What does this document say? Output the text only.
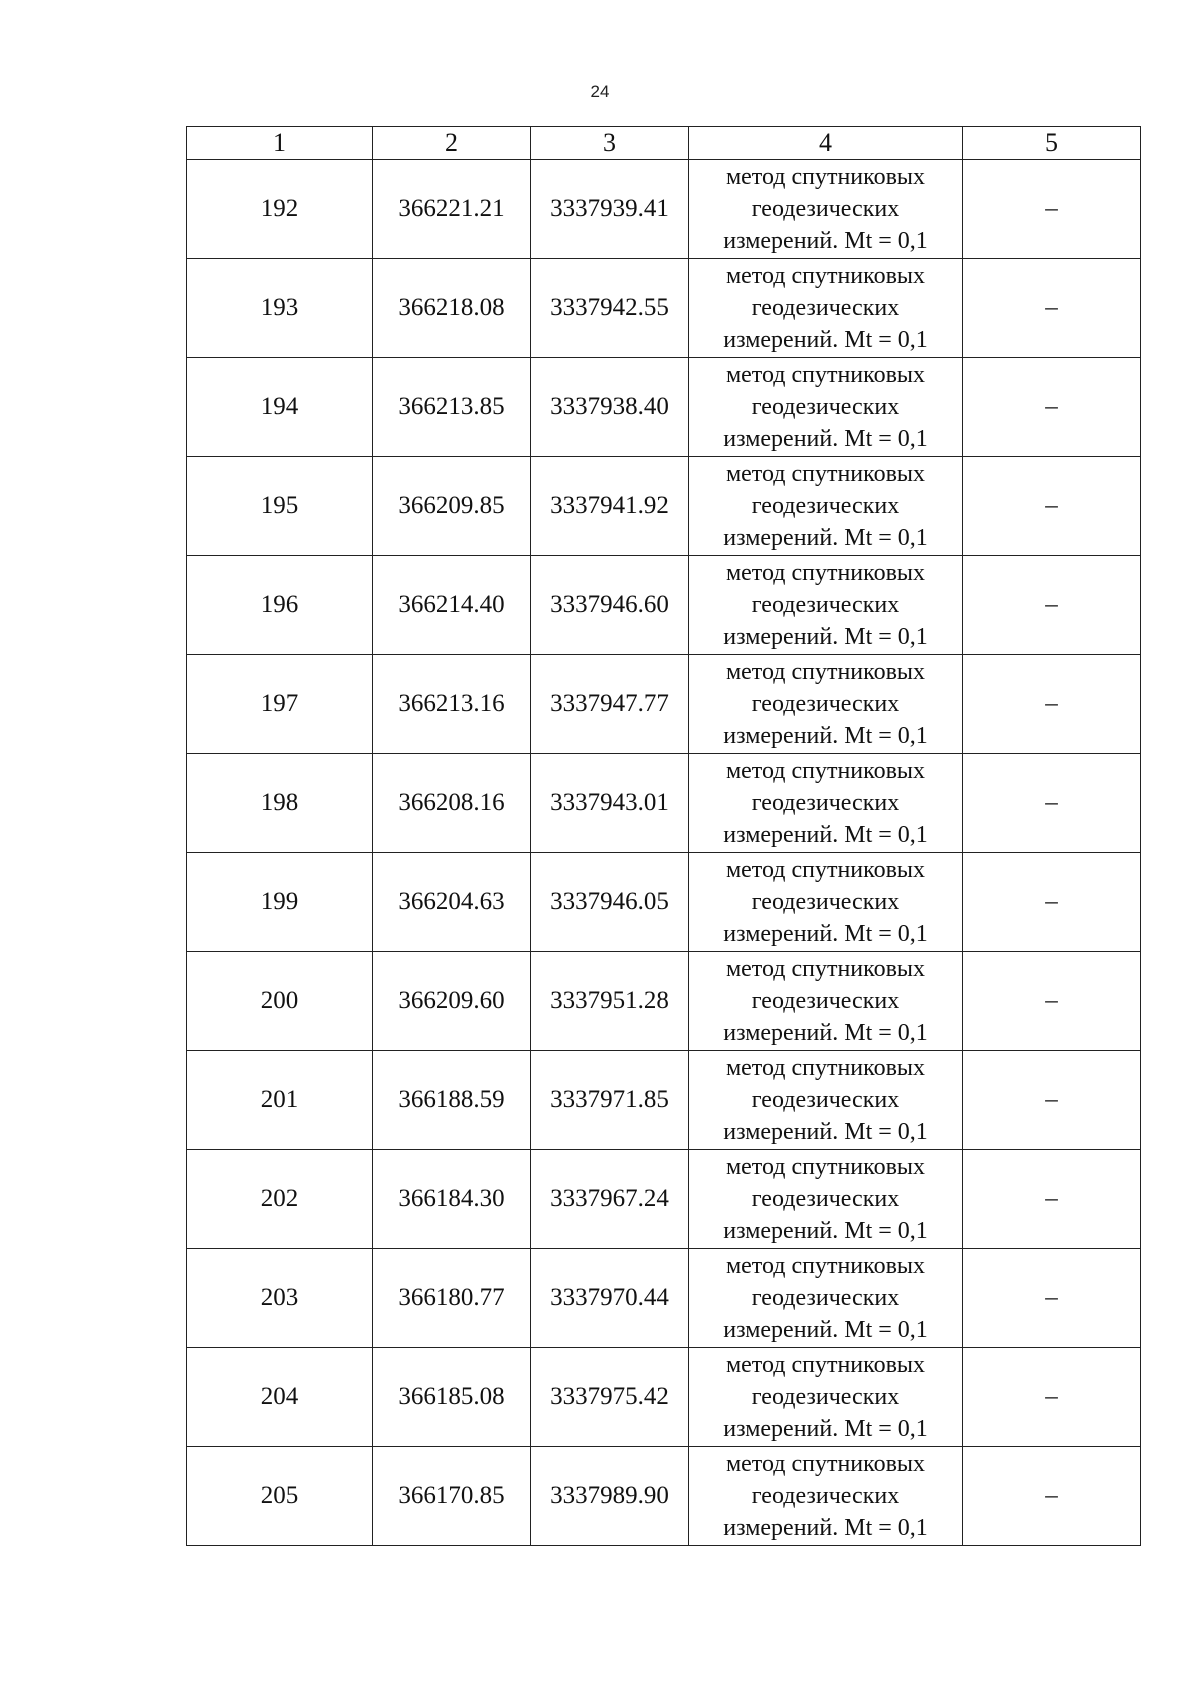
24
1	2	3	4	5
192	366221.21	3337939.41	метод спутниковых
геодезических
измерений. Mt = 0,1	–
193	366218.08	3337942.55	метод спутниковых
геодезических
измерений. Mt = 0,1	–
194	366213.85	3337938.40	метод спутниковых
геодезических
измерений. Mt = 0,1	–
195	366209.85	3337941.92	метод спутниковых
геодезических
измерений. Mt = 0,1	–
196	366214.40	3337946.60	метод спутниковых
геодезических
измерений. Mt = 0,1	–
197	366213.16	3337947.77	метод спутниковых
геодезических
измерений. Mt = 0,1	–
198	366208.16	3337943.01	метод спутниковых
геодезических
измерений. Mt = 0,1	–
199	366204.63	3337946.05	метод спутниковых
геодезических
измерений. Mt = 0,1	–
200	366209.60	3337951.28	метод спутниковых
геодезических
измерений. Mt = 0,1	–
201	366188.59	3337971.85	метод спутниковых
геодезических
измерений. Mt = 0,1	–
202	366184.30	3337967.24	метод спутниковых
геодезических
измерений. Mt = 0,1	–
203	366180.77	3337970.44	метод спутниковых
геодезических
измерений. Mt = 0,1	–
204	366185.08	3337975.42	метод спутниковых
геодезических
измерений. Mt = 0,1	–
205	366170.85	3337989.90	метод спутниковых
геодезических
измерений. Mt = 0,1	–
